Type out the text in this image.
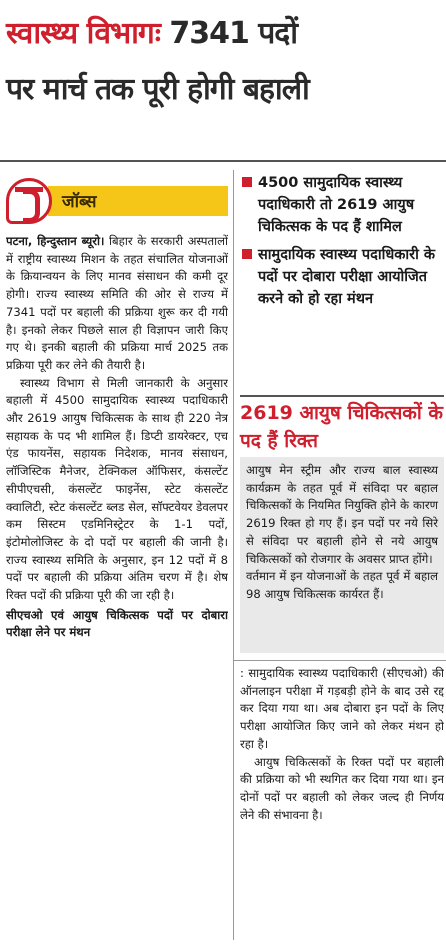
स्वास्थ्य विभागः 7341 पदों
पर मार्च तक पूरी होगी बहाली
जॉब्स

पटना, हिन्दुस्तान ब्यूरो। बिहार के सरकारी अस्पतालों में राष्ट्रीय स्वास्थ्य मिशन के तहत संचालित योजनाओं के क्रियान्वयन के लिए मानव संसाधन की कमी दूर होगी। राज्य स्वास्थ्य समिति की ओर से राज्य में 7341 पदों पर बहाली की प्रक्रिया शुरू कर दी गयी है। इनको लेकर पिछले साल ही विज्ञापन जारी किए गए थे। इनकी बहाली की प्रक्रिया मार्च 2025 तक प्रक्रिया पूरी कर लेने की तैयारी है।

स्वास्थ्य विभाग से मिली जानकारी के अनुसार बहाली में 4500 सामुदायिक स्वास्थ्य पदाधिकारी और 2619 आयुष चिकित्सक के साथ ही 220 नेत्र सहायक के पद भी शामिल हैं। डिप्टी डायरेक्टर, एच एंड फायनेंस, सहायक निदेशक, मानव संसाधन, लॉजिस्टिक मैनेजर, टेक्निकल ऑफिसर, कंसल्टेंट सीपीएचसी, कंसल्टेंट फाइनेंस, स्टेट कंसल्टेंट क्वालिटी, स्टेट कंसल्टेंट ब्लड सेल, सॉफ्टवेयर डेवलपर कम सिस्टम एडमिनिस्ट्रेटर के 1-1 पदों, इंटोमोलोजिस्ट के दो पदों पर बहाली की जानी है। राज्य स्वास्थ्य समिति के अनुसार, इन 12 पदों में 8 पदों पर बहाली की प्रक्रिया अंतिम चरण में है। शेष रिक्त पदों की प्रक्रिया पूरी की जा रही है।

सीएचओ एवं आयुष चिकित्सक पदों पर दोबारा परीक्षा लेने पर मंथन

4500 सामुदायिक स्वास्थ्य पदाधिकारी तो 2619 आयुष चिकित्सक के पद हैं शामिल
सामुदायिक स्वास्थ्य पदाधिकारी के पदों पर दोबारा परीक्षा आयोजित करने को हो रहा मंथन
2619 आयुष चिकित्सकों के पद हैं रिक्त

आयुष मेन स्ट्रीम और राज्य बाल स्वास्थ्य कार्यक्रम के तहत पूर्व में संविदा पर बहाल चिकित्सकों के नियमित नियुक्ति होने के कारण 2619 रिक्त हो गए हैं। इन पदों पर नये सिरे से संविदा पर बहाली होने से नये आयुष चिकित्सकों को रोजगार के अवसर प्राप्त होंगे।

वर्तमान में इन योजनाओं के तहत पूर्व में बहाल 98 आयुष चिकित्सक कार्यरत हैं।

: सामुदायिक स्वास्थ्य पदाधिकारी (सीएचओ) की ऑनलाइन परीक्षा में गड़बड़ी होने के बाद उसे रद्द कर दिया गया था। अब दोबारा इन पदों के लिए परीक्षा आयोजित किए जाने को लेकर मंथन हो रहा है।

आयुष चिकित्सकों के रिक्त पदों पर बहाली की प्रक्रिया को भी स्थगित कर दिया गया था। इन दोनों पदों पर बहाली को लेकर जल्द ही निर्णय लेने की संभावना है।
